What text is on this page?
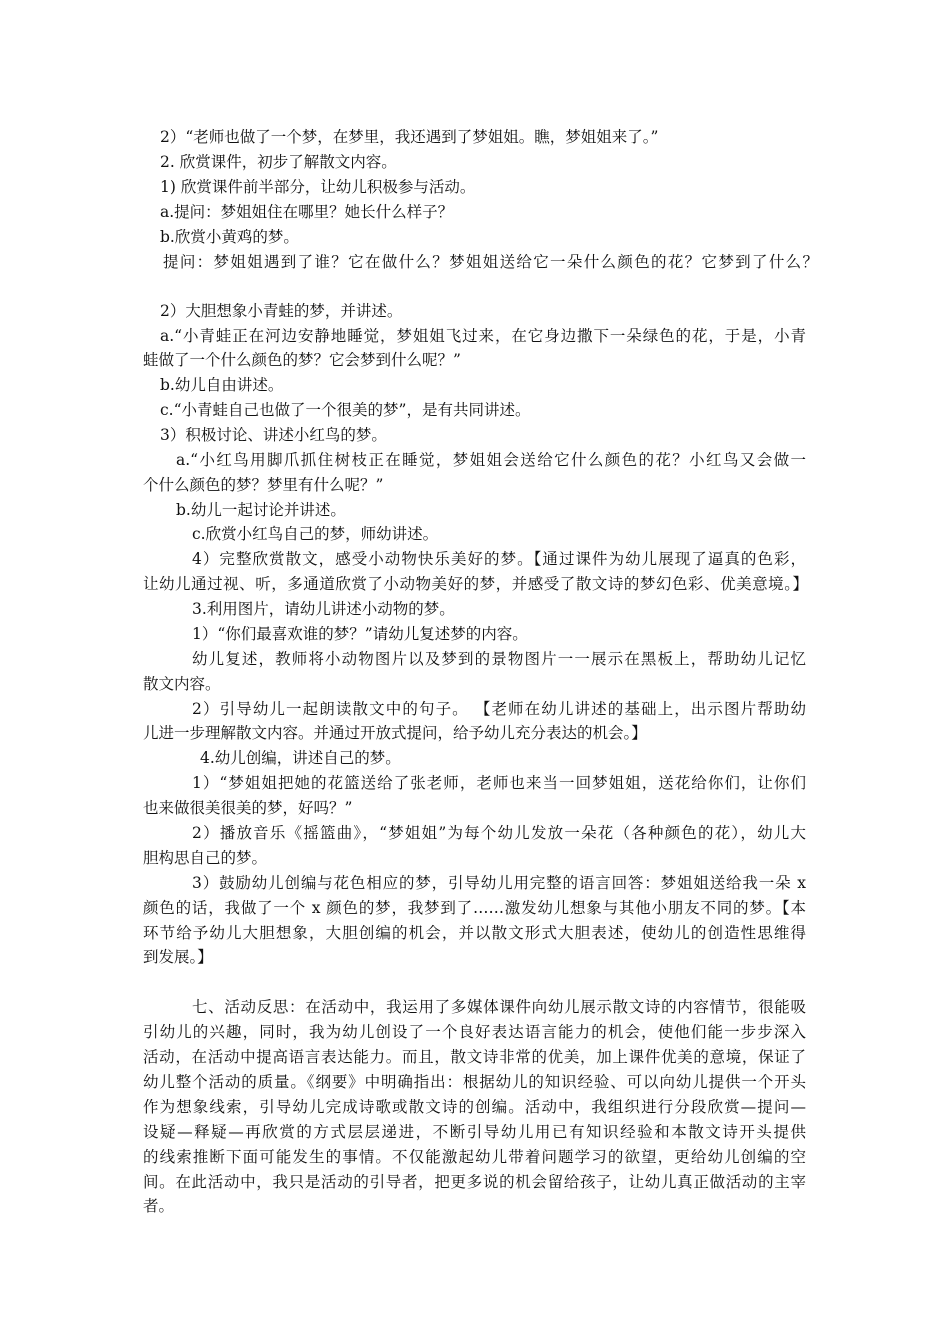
2）“老师也做了一个梦，在梦里，我还遇到了梦姐姐。瞧，梦姐姐来了。”
2. 欣赏课件，初步了解散文内容。
1) 欣赏课件前半部分，让幼儿积极参与活动。
a.提问：梦姐姐住在哪里？她长什么样子？
b.欣赏小黄鸡的梦。
提问：梦姐姐遇到了谁？它在做什么？梦姐姐送给它一朵什么颜色的花？它梦到了什么？
2）大胆想象小青蛙的梦，并讲述。
a.“小青蛙正在河边安静地睡觉，梦姐姐飞过来，在它身边撒下一朵绿色的花，于是，小青
蛙做了一个什么颜色的梦？它会梦到什么呢？”
b.幼儿自由讲述。
c.“小青蛙自己也做了一个很美的梦”，是有共同讲述。
3）积极讨论、讲述小红鸟的梦。
a.“小红鸟用脚爪抓住树枝正在睡觉，梦姐姐会送给它什么颜色的花？小红鸟又会做一
个什么颜色的梦？梦里有什么呢？”
b.幼儿一起讨论并讲述。
c.欣赏小红鸟自己的梦，师幼讲述。
4）完整欣赏散文，感受小动物快乐美好的梦。【通过课件为幼儿展现了逼真的色彩，
让幼儿通过视、听，多通道欣赏了小动物美好的梦，并感受了散文诗的梦幻色彩、优美意境。】
3.利用图片，请幼儿讲述小动物的梦。
1）“你们最喜欢谁的梦？”请幼儿复述梦的内容。
幼儿复述，教师将小动物图片以及梦到的景物图片一一展示在黑板上，帮助幼儿记忆
散文内容。
2）引导幼儿一起朗读散文中的句子。 【老师在幼儿讲述的基础上，出示图片帮助幼
儿进一步理解散文内容。并通过开放式提问，给予幼儿充分表达的机会。】
4.幼儿创编，讲述自己的梦。
1）“梦姐姐把她的花篮送给了张老师，老师也来当一回梦姐姐，送花给你们，让你们
也来做很美很美的梦，好吗？”
2）播放音乐《摇篮曲》，“梦姐姐”为每个幼儿发放一朵花（各种颜色的花），幼儿大
胆构思自己的梦。
3）鼓励幼儿创编与花色相应的梦，引导幼儿用完整的语言回答：梦姐姐送给我一朵 x
颜色的话，我做了一个 x 颜色的梦，我梦到了……激发幼儿想象与其他小朋友不同的梦。【本
环节给予幼儿大胆想象，大胆创编的机会，并以散文形式大胆表述，使幼儿的创造性思维得
到发展。】
七、活动反思：在活动中，我运用了多媒体课件向幼儿展示散文诗的内容情节，很能吸
引幼儿的兴趣，同时，我为幼儿创设了一个良好表达语言能力的机会，使他们能一步步深入
活动，在活动中提高语言表达能力。而且，散文诗非常的优美，加上课件优美的意境，保证了
幼儿整个活动的质量。《纲要》中明确指出：根据幼儿的知识经验、可以向幼儿提供一个开头
作为想象线索，引导幼儿完成诗歌或散文诗的创编。活动中，我组织进行分段欣赏—提问—
设疑—释疑—再欣赏的方式层层递进，不断引导幼儿用已有知识经验和本散文诗开头提供
的线索推断下面可能发生的事情。不仅能激起幼儿带着问题学习的欲望，更给幼儿创编的空
间。在此活动中，我只是活动的引导者，把更多说的机会留给孩子，让幼儿真正做活动的主宰
者。
